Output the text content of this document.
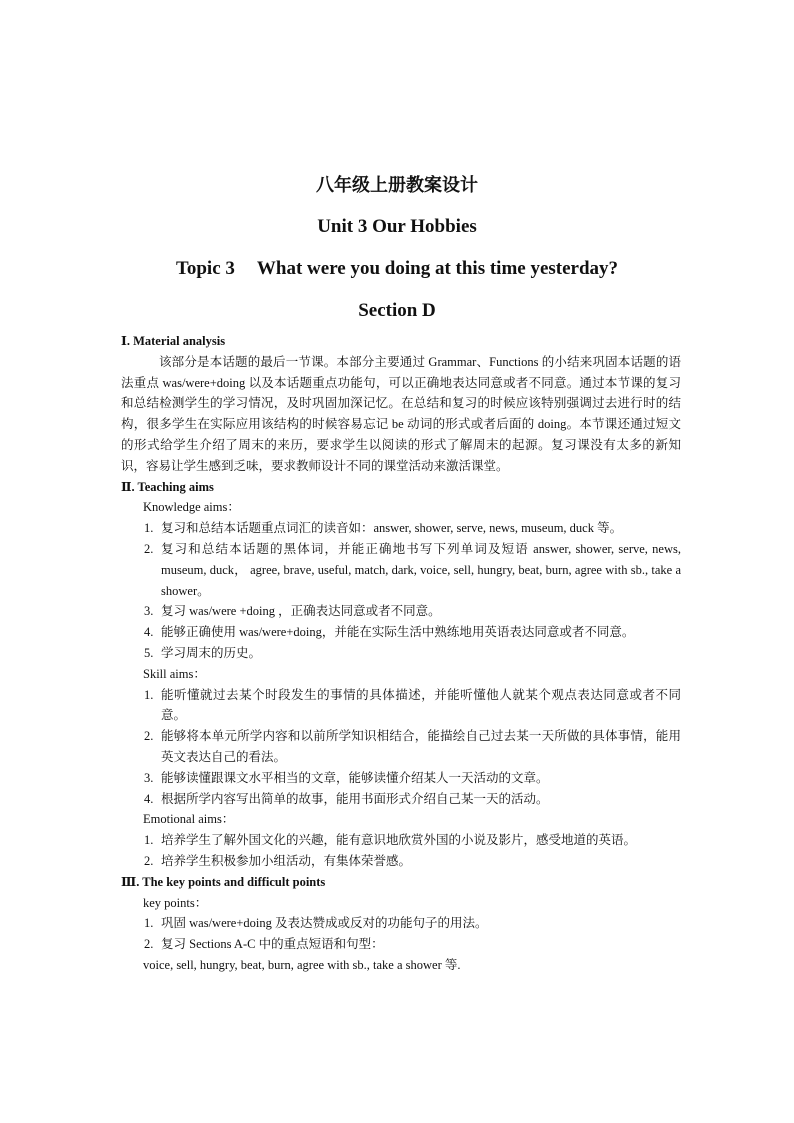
八年级上册教案设计
Unit 3 Our Hobbies
Topic 3 What were you doing at this time yesterday?
Section D
Ⅰ. Material analysis
该部分是本话题的最后一节课。本部分主要通过 Grammar、Functions 的小结来巩固本话题的语法重点 was/were+doing 以及本话题重点功能句，可以正确地表达同意或者不同意。通过本节课的复习和总结检测学生的学习情况，及时巩固加深记忆。在总结和复习的时候应该特别强调过去进行时的结构，很多学生在实际应用该结构的时候容易忘记 be 动词的形式或者后面的 doing。本节课还通过短文的形式给学生介绍了周末的来历，要求学生以阅读的形式了解周末的起源。复习课没有太多的新知识，容易让学生感到乏味，要求教师设计不同的课堂活动来激活课堂。
Ⅱ. Teaching aims
Knowledge aims：
1. 复习和总结本话题重点词汇的读音如：answer, shower, serve, news, museum, duck 等。
2. 复习和总结本话题的黑体词，并能正确地书写下列单词及短语 answer, shower, serve, news, museum, duck， agree, brave, useful, match, dark, voice, sell, hungry, beat, burn, agree with sb., take a shower。
3. 复习 was/were +doing ，正确表达同意或者不同意。
4. 能够正确使用 was/were+doing，并能在实际生活中熟练地用英语表达同意或者不同意。
5. 学习周末的历史。
Skill aims：
1. 能听懂就过去某个时段发生的事情的具体描述，并能听懂他人就某个观点表达同意或者不同意。
2. 能够将本单元所学内容和以前所学知识相结合，能描绘自己过去某一天所做的具体事情，能用英文表达自己的看法。
3. 能够读懂跟课文水平相当的文章，能够读懂介绍某人一天活动的文章。
4. 根据所学内容写出简单的故事，能用书面形式介绍自己某一天的活动。
Emotional aims：
1. 培养学生了解外国文化的兴趣，能有意识地欣赏外国的小说及影片，感受地道的英语。
2. 培养学生积极参加小组活动，有集体荣誉感。
Ⅲ. The key points and difficult points
key points：
1. 巩固 was/were+doing 及表达赞成或反对的功能句子的用法。
2. 复习 Sections A-C 中的重点短语和句型：
voice, sell, hungry, beat, burn, agree with sb., take a shower 等.
